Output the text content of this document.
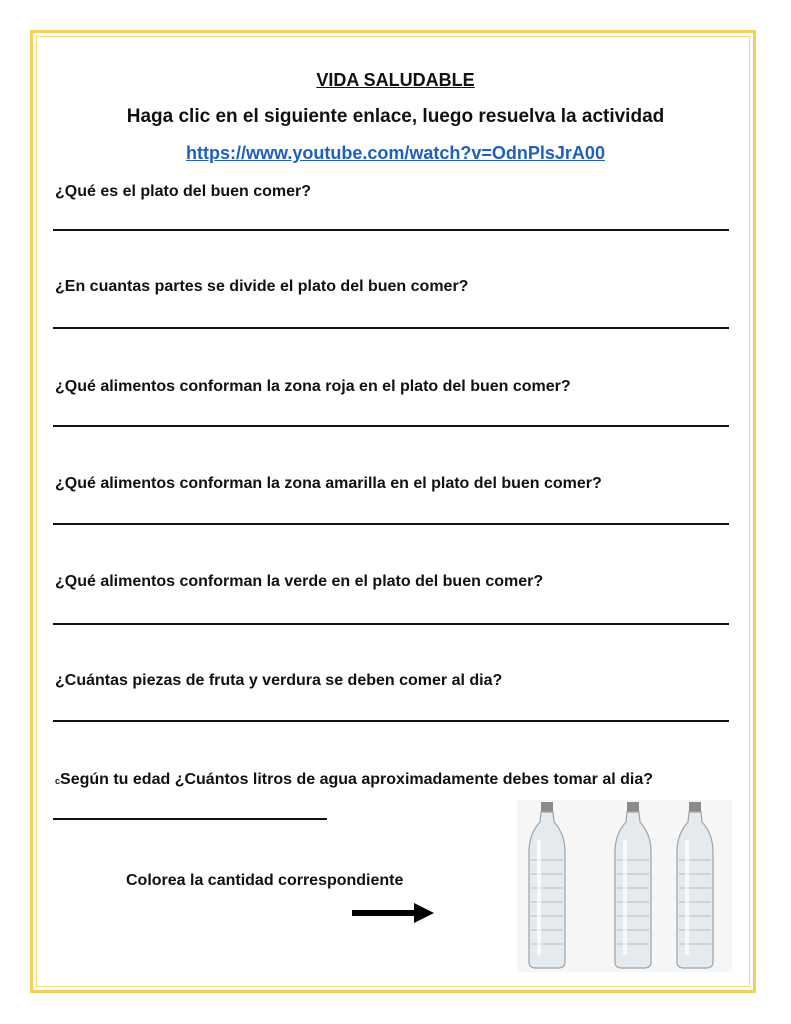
VIDA SALUDABLE
Haga clic en el siguiente enlace, luego resuelva la actividad
https://www.youtube.com/watch?v=OdnPlsJrA00
¿Qué es el plato del buen comer?
¿En cuantas partes se divide el plato del buen comer?
¿Qué alimentos conforman la zona roja en el plato del buen comer?
¿Qué alimentos conforman la zona amarilla en el plato del buen comer?
¿Qué alimentos conforman la verde en el plato del buen comer?
¿Cuántas piezas de fruta y verdura se deben comer al dia?
cSegún tu edad ¿Cuántos litros de agua aproximadamente debes tomar al dia?
Colorea la cantidad correspondiente
